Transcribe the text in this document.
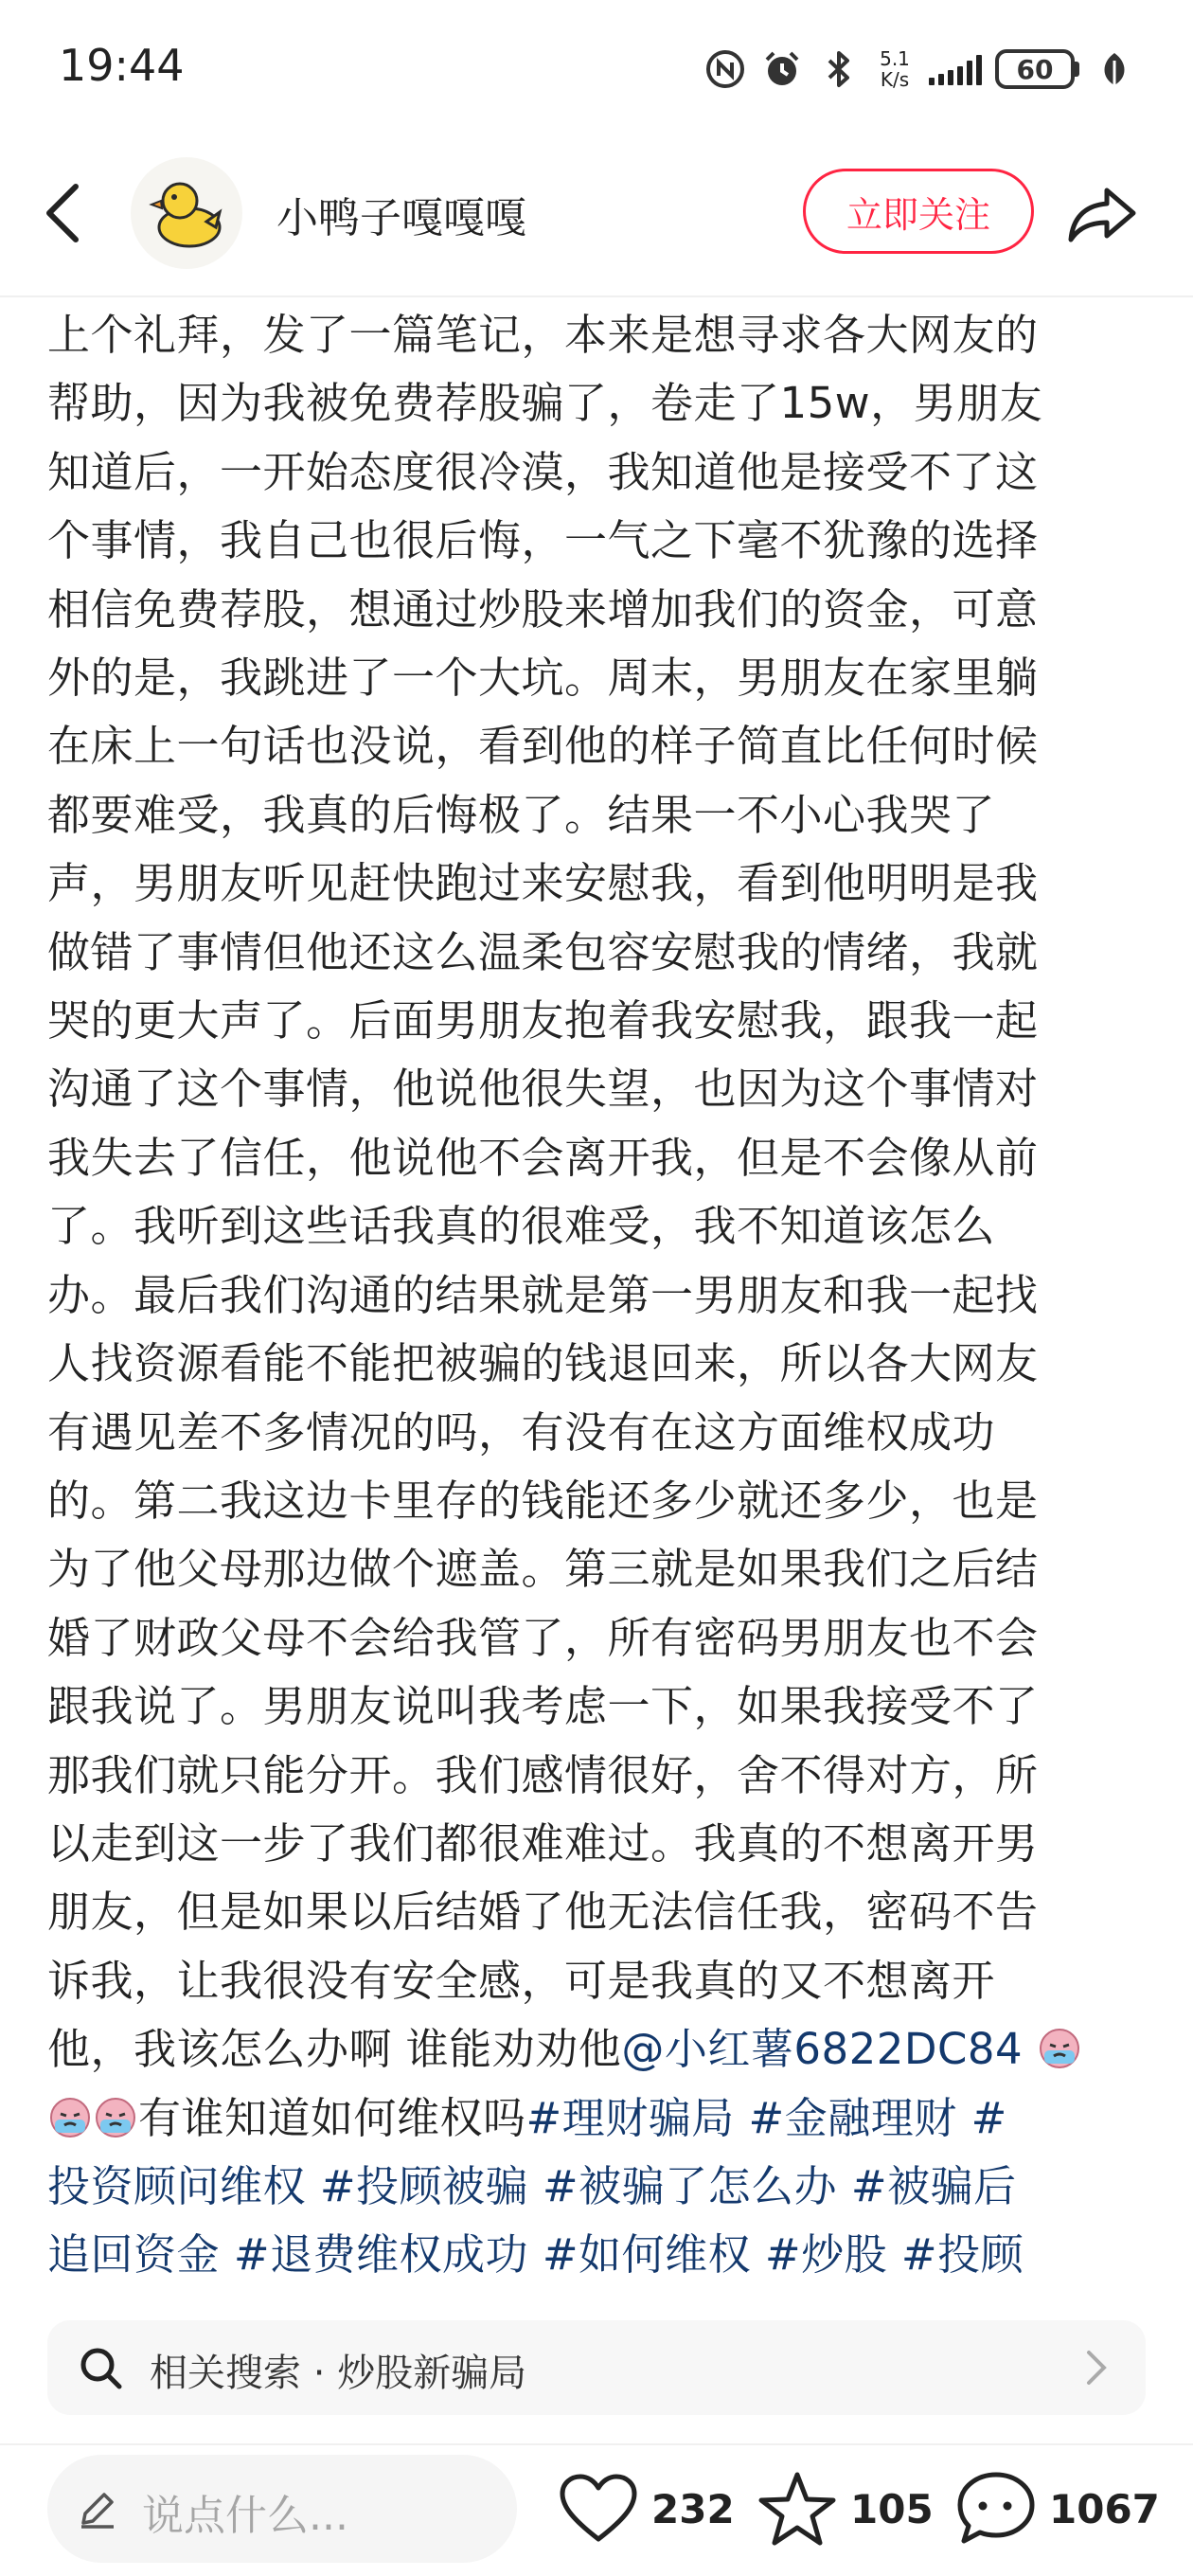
19:44	5.1
K/s	60
小鸭子嘎嘎嘎	立即关注
上个礼拜，发了一篇笔记，本来是想寻求各大网友的
帮助，因为我被免费荐股骗了，卷走了15w，男朋友
知道后，一开始态度很冷漠，我知道他是接受不了这
个事情，我自己也很后悔，一气之下毫不犹豫的选择
相信免费荐股，想通过炒股来增加我们的资金，可意
外的是，我跳进了一个大坑。周末，男朋友在家里躺
在床上一句话也没说，看到他的样子简直比任何时候
都要难受，我真的后悔极了。结果一不小心我哭了
声，男朋友听见赶快跑过来安慰我，看到他明明是我
做错了事情但他还这么温柔包容安慰我的情绪，我就
哭的更大声了。后面男朋友抱着我安慰我，跟我一起
沟通了这个事情，他说他很失望，也因为这个事情对
我失去了信任，他说他不会离开我，但是不会像从前
了。我听到这些话我真的很难受，我不知道该怎么
办。最后我们沟通的结果就是第一男朋友和我一起找
人找资源看能不能把被骗的钱退回来，所以各大网友
有遇见差不多情况的吗，有没有在这方面维权成功
的。第二我这边卡里存的钱能还多少就还多少，也是
为了他父母那边做个遮盖。第三就是如果我们之后结
婚了财政父母不会给我管了，所有密码男朋友也不会
跟我说了。男朋友说叫我考虑一下，如果我接受不了
那我们就只能分开。我们感情很好，舍不得对方，所
以走到这一步了我们都很难难过。我真的不想离开男
朋友，但是如果以后结婚了他无法信任我，密码不告
诉我，让我很没有安全感，可是我真的又不想离开
他，我该怎么办啊 谁能劝劝他@小红薯6822DC84
有谁知道如何维权吗#理财骗局 #金融理财 #
投资顾问维权 #投顾被骗 #被骗了怎么办 #被骗后
追回资金 #退费维权成功 #如何维权 #炒股 #投顾
相关搜索 · 炒股新骗局
说点什么...	232	105	1067
